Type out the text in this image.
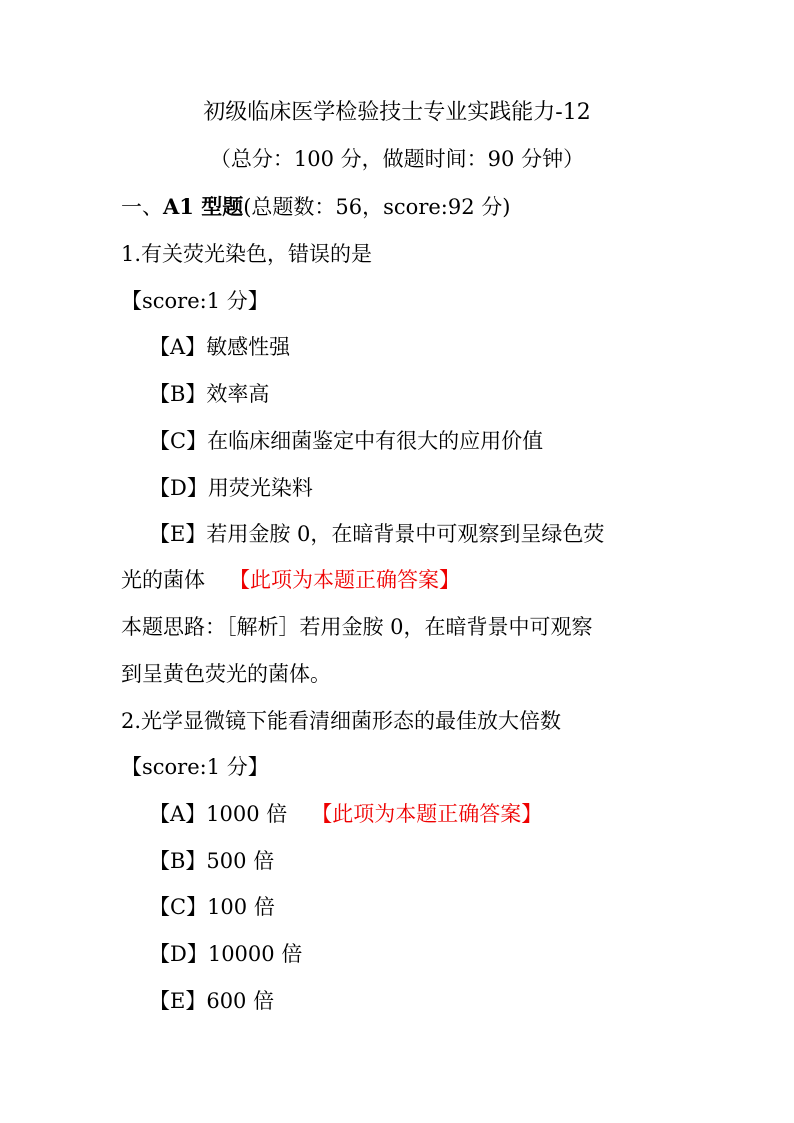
初级临床医学检验技士专业实践能力-12
（总分：100 分，做题时间：90 分钟）
一、A1 型题(总题数：56，score:92 分)
1.有关荧光染色，错误的是
【score:1 分】
【A】敏感性强
【B】效率高
【C】在临床细菌鉴定中有很大的应用价值
【D】用荧光染料
【E】若用金胺 0，在暗背景中可观察到呈绿色荧
光的菌体 【此项为本题正确答案】
本题思路：［解析］若用金胺 0，在暗背景中可观察
到呈黄色荧光的菌体。
2.光学显微镜下能看清细菌形态的最佳放大倍数
【score:1 分】
【A】1000 倍 【此项为本题正确答案】
【B】500 倍
【C】100 倍
【D】10000 倍
【E】600 倍
